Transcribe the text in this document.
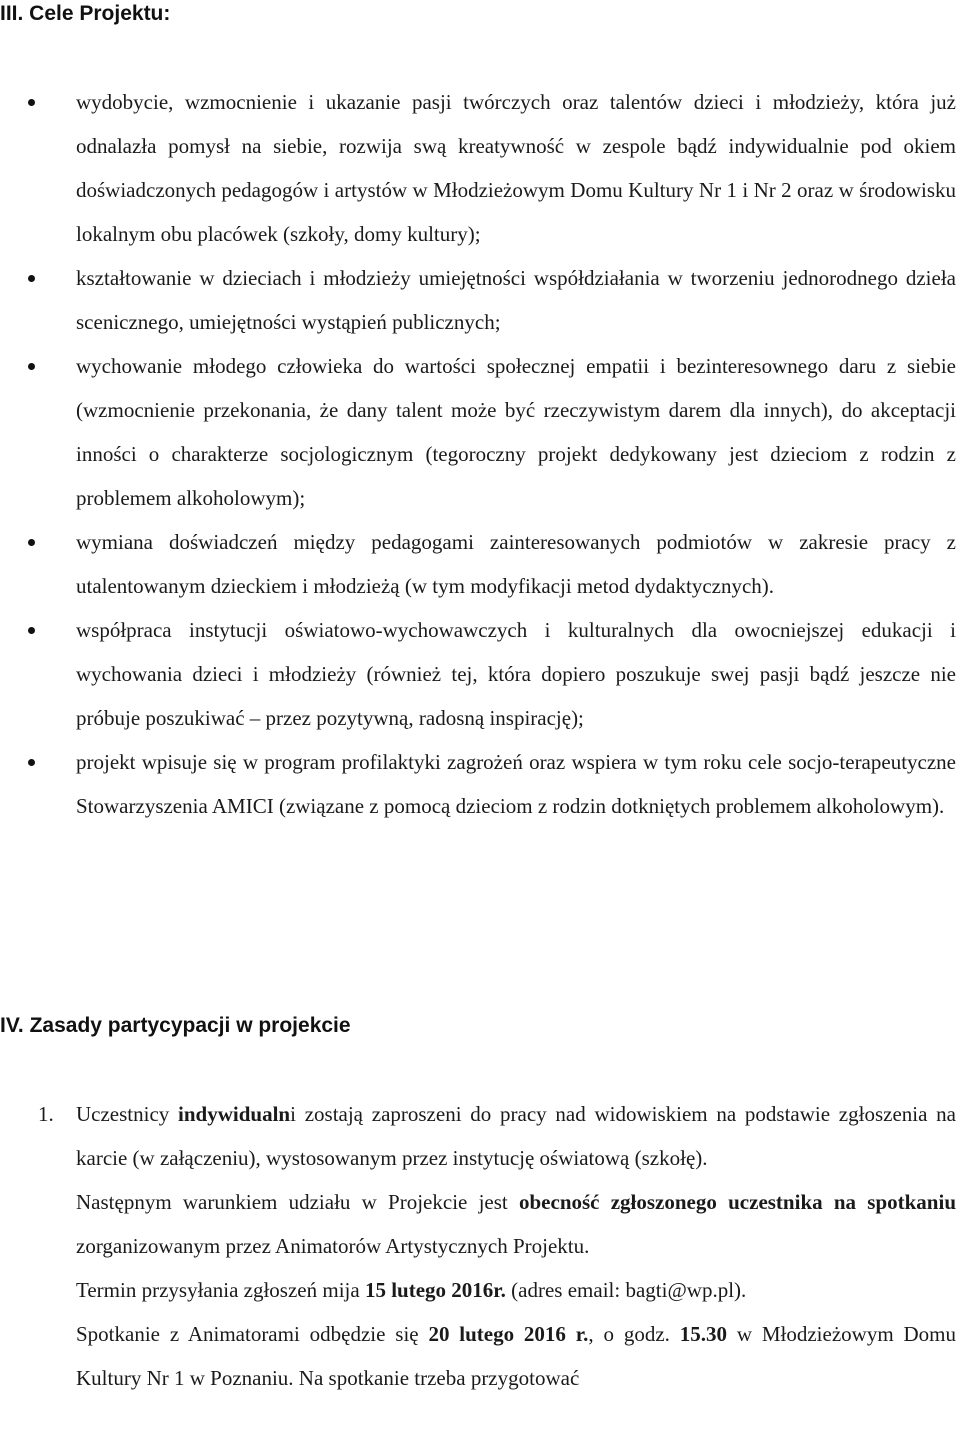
III. Cele Projektu:
wydobycie, wzmocnienie i ukazanie pasji twórczych oraz talentów dzieci i młodzieży, która już odnalazła pomysł na siebie, rozwija swą kreatywność w zespole bądź indywidualnie pod okiem doświadczonych pedagogów i artystów w Młodzieżowym Domu Kultury Nr 1 i Nr 2 oraz w środowisku lokalnym obu placówek (szkoły, domy kultury);
kształtowanie w dzieciach i młodzieży umiejętności współdziałania w tworzeniu jednorodnego dzieła scenicznego, umiejętności wystąpień publicznych;
wychowanie młodego człowieka do wartości społecznej empatii i bezinteresownego daru z siebie (wzmocnienie przekonania, że dany talent może być rzeczywistym darem dla innych), do akceptacji inności o charakterze socjologicznym (tegoroczny projekt dedykowany jest dzieciom z rodzin z problemem alkoholowym);
wymiana doświadczeń między pedagogami zainteresowanych podmiotów w zakresie pracy z utalentowanym dzieckiem i młodzieżą (w tym modyfikacji metod dydaktycznych).
współpraca instytucji oświatowo-wychowawczych i kulturalnych dla owocniejszej edukacji i wychowania dzieci i młodzieży (również tej, która dopiero poszukuje swej pasji bądź jeszcze nie próbuje poszukiwać – przez pozytywną, radosną inspirację);
projekt wpisuje się w program profilaktyki zagrożeń oraz wspiera w tym roku cele socjo-terapeutyczne Stowarzyszenia AMICI (związane z pomocą dzieciom z rodzin dotkniętych problemem alkoholowym).
IV. Zasady partycypacji w projekcie
1. Uczestnicy indywidualni zostają zaproszeni do pracy nad widowiskiem na podstawie zgłoszenia na karcie (w załączeniu), wystosowanym przez instytucję oświatową (szkołę).
Następnym warunkiem udziału w Projekcie jest obecność zgłoszonego uczestnika na spotkaniu zorganizowanym przez Animatorów Artystycznych Projektu.
Termin przysyłania zgłoszeń mija 15 lutego 2016r. (adres email: bagti@wp.pl).
Spotkanie z Animatorami odbędzie się 20 lutego 2016 r., o godz. 15.30 w Młodzieżowym Domu Kultury Nr 1 w Poznaniu. Na spotkanie trzeba przygotować
